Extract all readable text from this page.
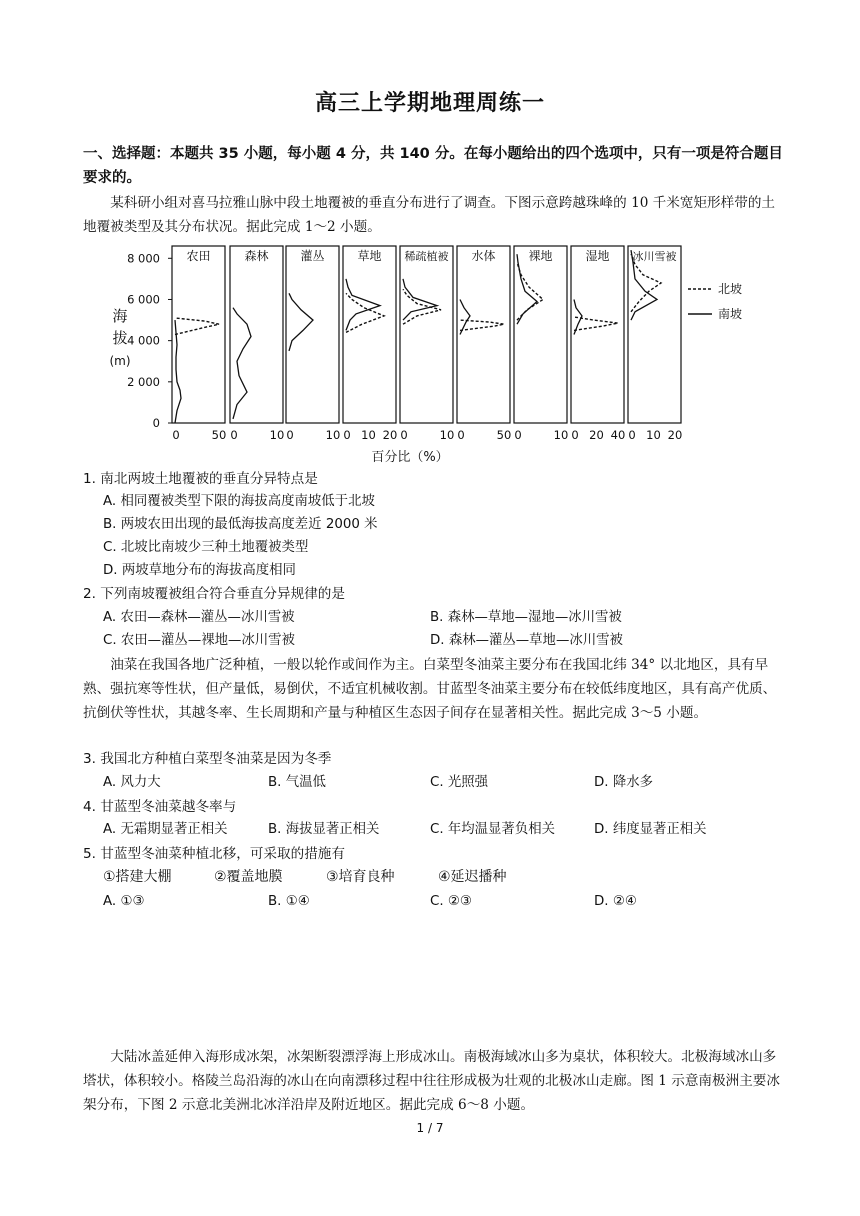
高三上学期地理周练一
一、选择题：本题共 35 小题，每小题 4 分，共 140 分。在每小题给出的四个选项中，只有一项是符合题目要求的。
某科研小组对喜马拉雅山脉中段土地覆被的垂直分布进行了调查。下图示意跨越珠峰的 10 千米宽矩形样带的土地覆被类型及其分布状况。据此完成 1～2 小题。
海
拔
(m)
8 000
6 000
4 000
2 000
0
农田
0	50
森林
0	10
灌丛
0	10
草地
0 10 20
稀疏植被
0	10
水体
0	50
裸地
0	10
湿地
0 20 40
冰川雪被
0 10 20
北坡
南坡
百分比（%）
1. 南北两坡土地覆被的垂直分异特点是
A. 相同覆被类型下限的海拔高度南坡低于北坡
B. 两坡农田出现的最低海拔高度差近 2000 米
C. 北坡比南坡少三种土地覆被类型
D. 两坡草地分布的海拔高度相同
2. 下列南坡覆被组合符合垂直分异规律的是
A. 农田—森林—灌丛—冰川雪被	B. 森林—草地—湿地—冰川雪被
C. 农田—灌丛—裸地—冰川雪被	D. 森林—灌丛—草地—冰川雪被
油菜在我国各地广泛种植，一般以轮作或间作为主。白菜型冬油菜主要分布在我国北纬 34° 以北地区，具有早熟、强抗寒等性状，但产量低，易倒伏，不适宜机械收割。甘蓝型冬油菜主要分布在较低纬度地区，具有高产优质、抗倒伏等性状，其越冬率、生长周期和产量与种植区生态因子间存在显著相关性。据此完成 3～5 小题。
3. 我国北方种植白菜型冬油菜是因为冬季
A. 风力大	B. 气温低	C. 光照强	D. 降水多
4. 甘蓝型冬油菜越冬率与
A. 无霜期显著正相关	B. 海拔显著正相关	C. 年均温显著负相关	D. 纬度显著正相关
5. 甘蓝型冬油菜种植北移，可采取的措施有
①搭建大棚	②覆盖地膜	③培育良种	④延迟播种
A. ①③	B. ①④	C. ②③	D. ②④
大陆冰盖延伸入海形成冰架，冰架断裂漂浮海上形成冰山。南极海域冰山多为桌状，体积较大。北极海域冰山多塔状，体积较小。格陵兰岛沿海的冰山在向南漂移过程中往往形成极为壮观的北极冰山走廊。图 1 示意南极洲主要冰架分布，下图 2 示意北美洲北冰洋沿岸及附近地区。据此完成 6～8 小题。
1 / 7
